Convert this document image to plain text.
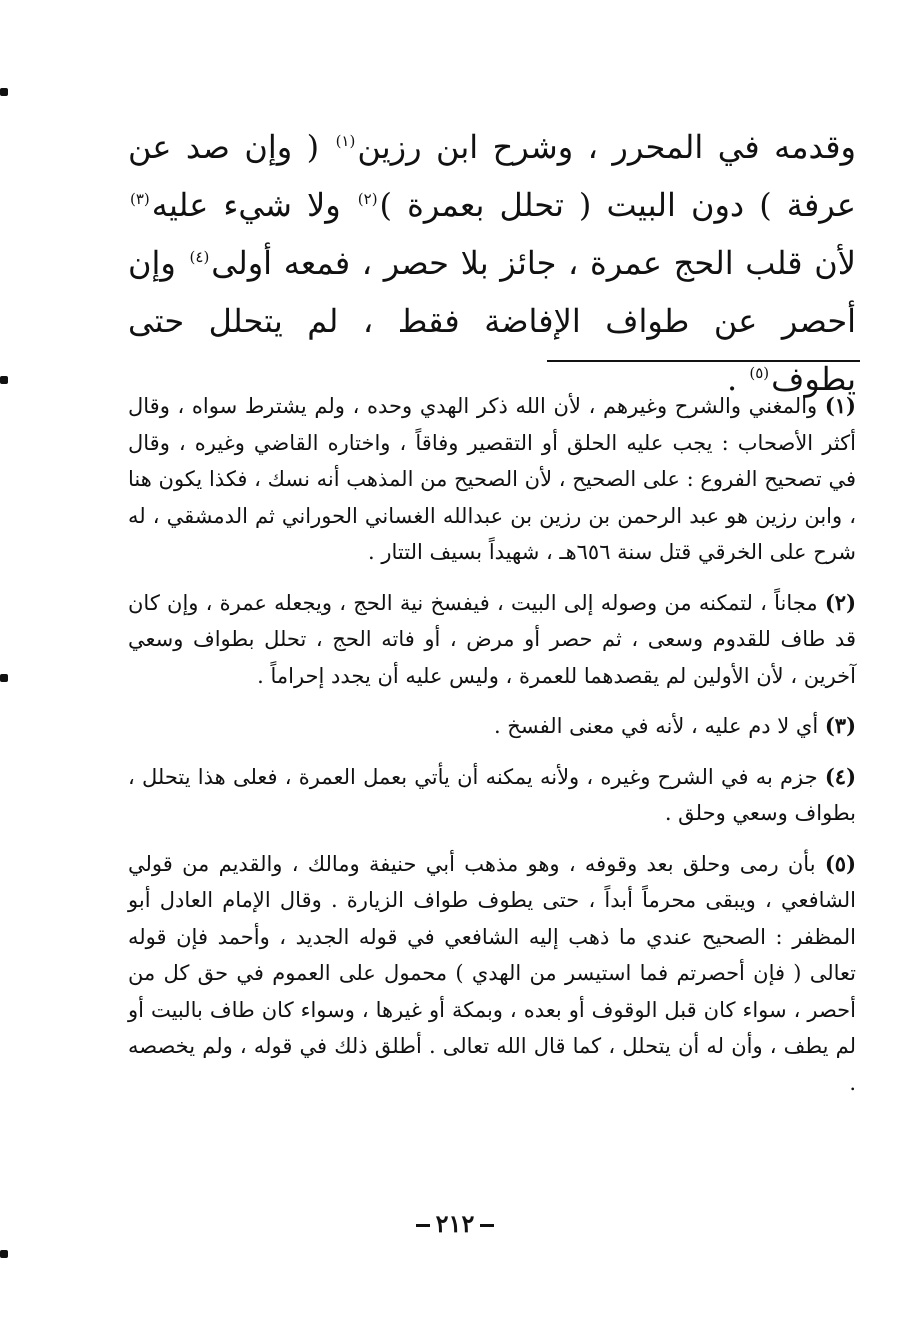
وقدمه في المحرر ، وشرح ابن رزين$^{(١)}$ ( وإن صد عن عرفة ) دون البيت ( تحلل بعمرة )$^{(٢)}$ ولا شيء عليه$^{(٣)}$ لأن قلب الحج عمرة ، جائز بلا حصر ، فمعه أولى$^{(٤)}$ وإن أحصر عن طواف الإفاضة فقط ، لم يتحلل حتى يطوف$^{(٥)}$ .

(١) والمغني والشرح وغيرهم ، لأن الله ذكر الهدي وحده ، ولم يشترط سواه ، وقال أكثر الأصحاب : يجب عليه الحلق أو التقصير وفاقاً ، واختاره القاضي وغيره ، وقال في تصحيح الفروع : على الصحيح ، لأن الصحيح من المذهب أنه نسك ، فكذا يكون هنا ، وابن رزين هو عبد الرحمن بن رزين بن عبدالله الغساني الحوراني ثم الدمشقي ، له شرح على الخرقي قتل سنة ٦٥٦هـ ، شهيداً بسيف التتار .

(٢) مجاناً ، لتمكنه من وصوله إلى البيت ، فيفسخ نية الحج ، ويجعله عمرة ، وإن كان قد طاف للقدوم وسعى ، ثم حصر أو مرض ، أو فاته الحج ، تحلل بطواف وسعي آخرين ، لأن الأولين لم يقصدهما للعمرة ، وليس عليه أن يجدد إحراماً .

(٣) أي لا دم عليه ، لأنه في معنى الفسخ .

(٤) جزم به في الشرح وغيره ، ولأنه يمكنه أن يأتي بعمل العمرة ، فعلى هذا يتحلل ، بطواف وسعي وحلق .

(٥) بأن رمى وحلق بعد وقوفه ، وهو مذهب أبي حنيفة ومالك ، والقديم من قولي الشافعي ، ويبقى محرماً أبداً ، حتى يطوف طواف الزيارة . وقال الإمام العادل أبو المظفر : الصحيح عندي ما ذهب إليه الشافعي في قوله الجديد ، وأحمد فإن قوله تعالى ( فإن أحصرتم فما استيسر من الهدي ) محمول على العموم في حق كل من أحصر ، سواء كان قبل الوقوف أو بعده ، وبمكة أو غيرها ، وسواء كان طاف بالبيت أو لم يطف ، وأن له أن يتحلل ، كما قال الله تعالى . أطلق ذلك في قوله ، ولم يخصصه .

٢١٢
